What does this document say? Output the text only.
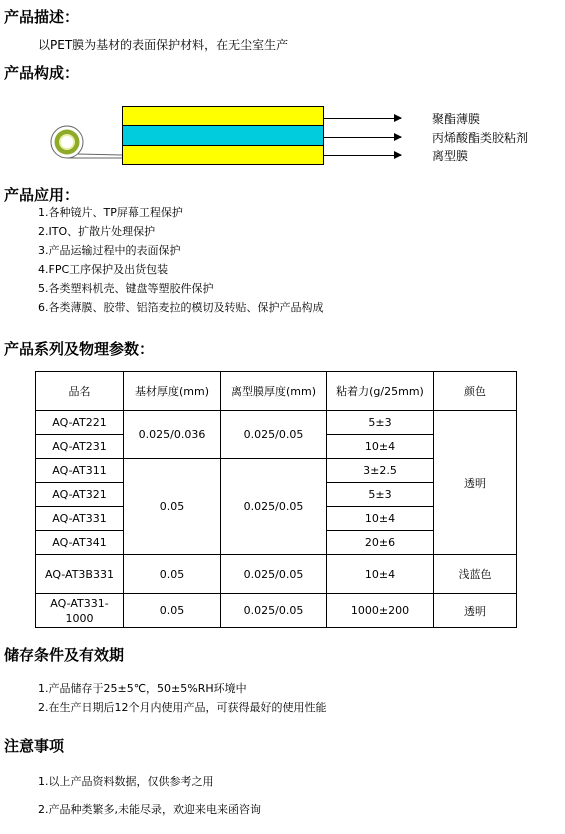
产品描述：
以PET膜为基材的表面保护材料，在无尘室生产
产品构成：
聚酯薄膜
丙烯酸酯类胶粘剂
离型膜
产品应用：
1.各种镜片、TP屏幕工程保护
2.ITO、扩散片处理保护
3.产品运输过程中的表面保护
4.FPC工序保护及出货包装
5.各类塑料机壳、键盘等塑胶件保护
6.各类薄膜、胶带、铝箔麦拉的模切及转贴、保护产品构成
产品系列及物理参数：
品名	基材厚度(mm)	离型膜厚度(mm)	粘着力(g/25mm)	颜色
AQ-AT221	0.025/0.036	0.025/0.05	5±3	透明
AQ-AT231			10±4	
AQ-AT311	0.05	0.025/0.05	3±2.5	
AQ-AT321			5±3	
AQ-AT331			10±4	
AQ-AT341			20±6	
AQ-AT3B331	0.05	0.025/0.05	10±4	浅蓝色

AQ-AT331-1000	0.05	0.025/0.05	1000±200	透明
储存条件及有效期
1.产品储存于25±5℃，50±5%RH环境中
2.在生产日期后12个月内使用产品，可获得最好的使用性能
注意事项
1.以上产品资料数据，仅供参考之用
2.产品种类繁多,未能尽录，欢迎来电来函咨询
